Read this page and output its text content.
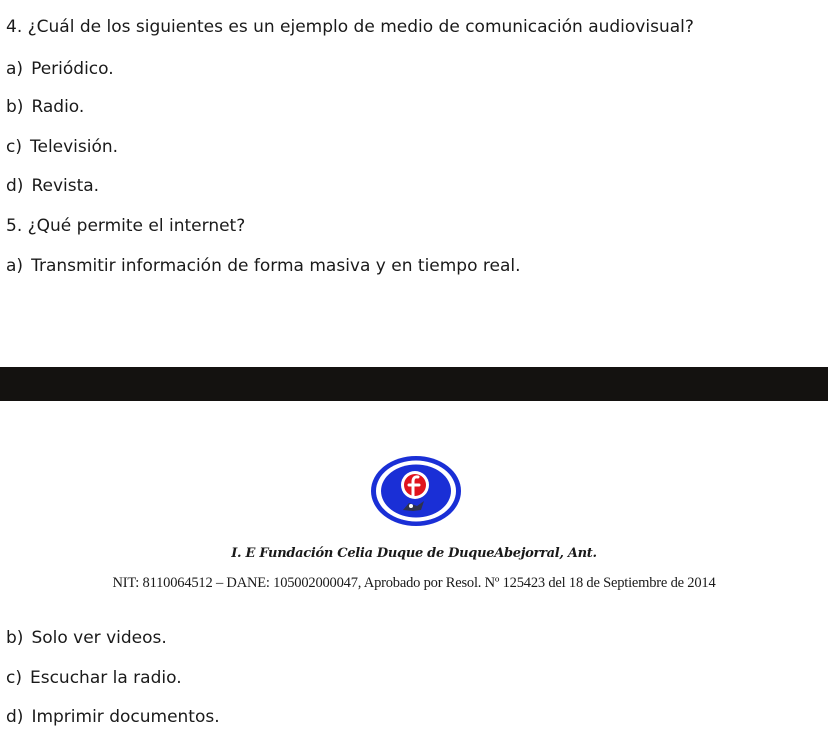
4. ¿Cuál de los siguientes es un ejemplo de medio de comunicación audiovisual?
a) Periódico.
b) Radio.
c) Televisión.
d) Revista.
5. ¿Qué permite el internet?
a) Transmitir información de forma masiva y en tiempo real.
I. E Fundación Celia Duque de DuqueAbejorral, Ant.
NIT: 8110064512 – DANE: 105002000047, Aprobado por Resol. Nº 125423 del 18 de Septiembre de 2014
b) Solo ver videos.
c) Escuchar la radio.
d) Imprimir documentos.
